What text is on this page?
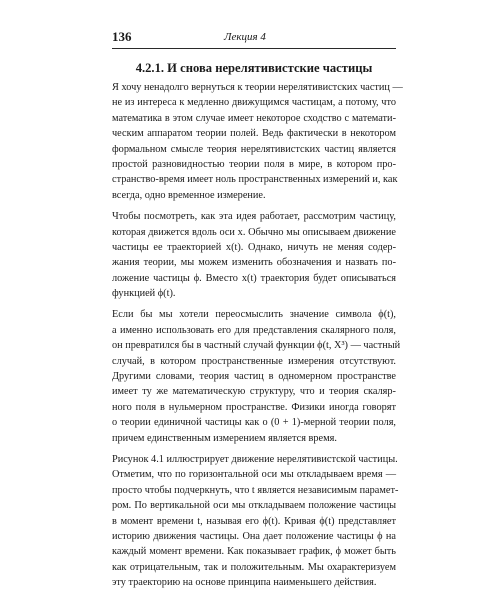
136	Лекция 4
4.2.1. И снова нерелятивистские частицы
Я хочу ненадолго вернуться к теории нерелятивистских частиц —
не из интереса к медленно движущимся частицам, а потому, что
математика в этом случае имеет некоторое сходство с математи-
ческим аппаратом теории полей. Ведь фактически в некотором
формальном смысле теория нерелятивистских частиц является
простой разновидностью теории поля в мире, в котором про-
странство-время имеет ноль пространственных измерений и, как
всегда, одно временное измерение.
Чтобы посмотреть, как эта идея работает, рассмотрим частицу,
которая движется вдоль оси x. Обычно мы описываем движение
частицы ее траекторией x(t). Однако, ничуть не меняя содер-
жания теории, мы можем изменить обозначения и назвать по-
ложение частицы ϕ. Вместо x(t) траектория будет описываться
функцией ϕ(t).
Если бы мы хотели переосмыслить значение символа ϕ(t),
а именно использовать его для представления скалярного поля,
он превратился бы в частный случай функции ϕ(t, X³) — частный
случай, в котором пространственные измерения отсутствуют.
Другими словами, теория частиц в одномерном пространстве
имеет ту же математическую структуру, что и теория скаляр-
ного поля в нульмерном пространстве. Физики иногда говорят
о теории единичной частицы как о (0 + 1)-мерной теории поля,
причем единственным измерением является время.
Рисунок 4.1 иллюстрирует движение нерелятивистской частицы.
Отметим, что по горизонтальной оси мы откладываем время —
просто чтобы подчеркнуть, что t является независимым парамет-
ром. По вертикальной оси мы откладываем положение частицы
в момент времени t, называя его ϕ(t). Кривая ϕ(t) представляет
историю движения частицы. Она дает положение частицы ϕ на
каждый момент времени. Как показывает график, ϕ может быть
как отрицательным, так и положительным. Мы охарактеризуем
эту траекторию на основе принципа наименьшего действия.
